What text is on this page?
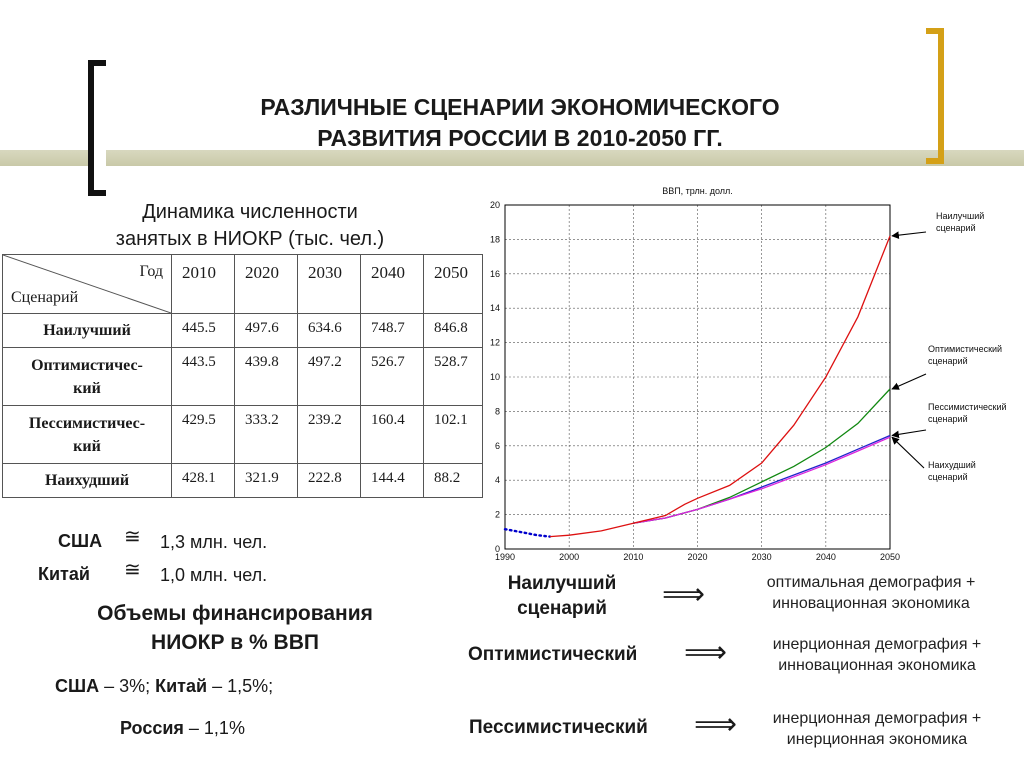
РАЗЛИЧНЫЕ СЦЕНАРИИ ЭКОНОМИЧЕСКОГО
РАЗВИТИЯ РОССИИ В 2010-2050 ГГ.
Динамика численности
занятых в НИОКР (тыс. чел.)
Год
Сценарий	2010	2020	2030	2040	2050
Наилучший	445.5	497.6	634.6	748.7	846.8

Оптимистичес-
кий	443.5	439.8	497.2	526.7	528.7

Пессимистичес-
кий	429.5	333.2	239.2	160.4	102.1
Наихудший	428.1	321.9	222.8	144.4	88.2
США ≅ 1,3 млн. чел.
Китай ≅ 1,0 млн. чел.
Объемы финансирования
НИОКР в % ВВП
США – 3%; Китай – 1,5%;
Россия – 1,1%
ВВП, трлн. долл.
1990	2000	2010	2020	2030	2040	2050
0
2
4
6
8
10
12
14
16
18
20
Наилучший
сценарий
Оптимистический
сценарий
Пессимистический
сценарий
Наихудший
сценарий
Наилучший
сценарий	⟹	оптимальная демография +
инновационная экономика
Оптимистический ⟹	инерционная демография +
инновационная экономика
Пессимистический ⟹	инерционная демография +
инерционная экономика
